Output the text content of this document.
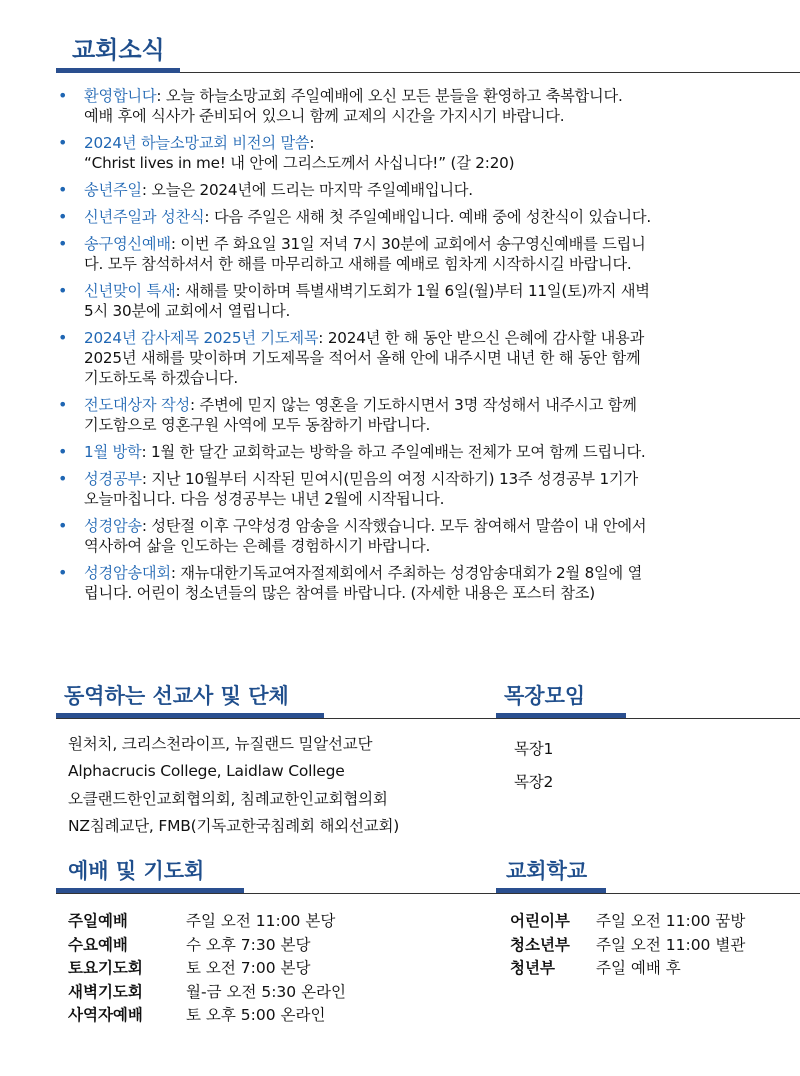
교회소식
• 환영합니다: 오늘 하늘소망교회 주일예배에 오신 모든 분들을 환영하고 축복합니다.
예배 후에 식사가 준비되어 있으니 함께 교제의 시간을 가지시기 바랍니다.
• 2024년 하늘소망교회 비전의 말씀:
“Christ lives in me! 내 안에 그리스도께서 사십니다!” (갈 2:20)
• 송년주일: 오늘은 2024년에 드리는 마지막 주일예배입니다.
• 신년주일과 성찬식: 다음 주일은 새해 첫 주일예배입니다. 예배 중에 성찬식이 있습니다.
• 송구영신예배: 이번 주 화요일 31일 저녁 7시 30분에 교회에서 송구영신예배를 드립니
다. 모두 참석하셔서 한 해를 마무리하고 새해를 예배로 힘차게 시작하시길 바랍니다.
• 신년맞이 특새: 새해를 맞이하며 특별새벽기도회가 1월 6일(월)부터 11일(토)까지 새벽
5시 30분에 교회에서 열립니다.
• 2024년 감사제목 2025년 기도제목: 2024년 한 해 동안 받으신 은혜에 감사할 내용과
2025년 새해를 맞이하며 기도제목을 적어서 올해 안에 내주시면 내년 한 해 동안 함께
기도하도록 하겠습니다.
• 전도대상자 작성: 주변에 믿지 않는 영혼을 기도하시면서 3명 작성해서 내주시고 함께
기도함으로 영혼구원 사역에 모두 동참하기 바랍니다.
• 1월 방학: 1월 한 달간 교회학교는 방학을 하고 주일예배는 전체가 모여 함께 드립니다.
• 성경공부: 지난 10월부터 시작된 믿여시(믿음의 여정 시작하기) 13주 성경공부 1기가
오늘마칩니다. 다음 성경공부는 내년 2월에 시작됩니다.
• 성경암송: 성탄절 이후 구약성경 암송을 시작했습니다. 모두 참여해서 말씀이 내 안에서
역사하여 삶을 인도하는 은혜를 경험하시기 바랍니다.
• 성경암송대회: 재뉴대한기독교여자절제회에서 주최하는 성경암송대회가 2월 8일에 열
립니다. 어린이 청소년들의 많은 참여를 바랍니다. (자세한 내용은 포스터 참조)
동역하는 선교사 및 단체
원처치, 크리스천라이프, 뉴질랜드 밀알선교단
Alphacrucis College, Laidlaw College
오클랜드한인교회협의회, 침례교한인교회협의회
NZ침례교단, FMB(기독교한국침례회 해외선교회)
목장모임
목장1
목장2
예배 및 기도회
주일예배	주일 오전 11:00 본당
수요예배	수 오후 7:30 본당
토요기도회	토 오전 7:00 본당
새벽기도회	월-금 오전 5:30 온라인
사역자예배	토 오후 5:00 온라인
교회학교
어린이부	주일 오전 11:00 꿈방
청소년부	주일 오전 11:00 별관
청년부	주일 예배 후
